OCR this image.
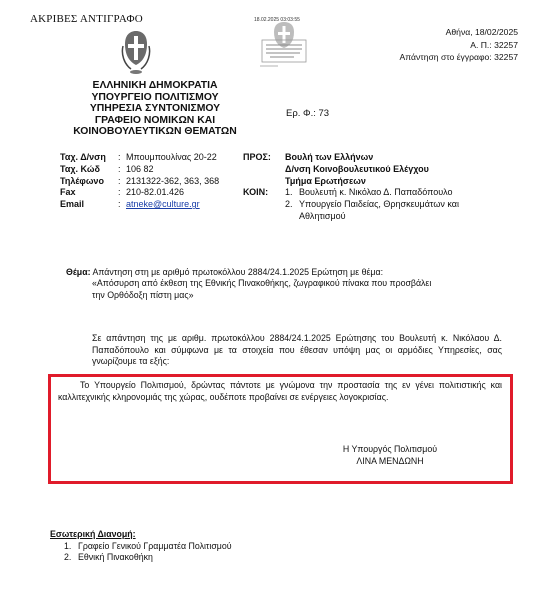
ΑΚΡΙΒΕΣ ΑΝΤΙΓΡΑΦΟ	18.02.2025 03:03:55
ΕΛΛΗΝΙΚΗ ΔΗΜΟΚΡΑΤΙΑ
ΥΠΟΥΡΓΕΙΟ ΠΟΛΙΤΙΣΜΟΥ
ΥΠΗΡΕΣΙΑ ΣΥΝΤΟΝΙΣΜΟΥ
ΓΡΑΦΕΙΟ ΝΟΜΙΚΩΝ ΚΑΙ
ΚΟΙΝΟΒΟΥΛΕΥΤΙΚΩΝ ΘΕΜΑΤΩΝ
Αθήνα, 18/02/2025
Α. Π.: 32257
Απάντηση στο έγγραφο: 32257
Ερ. Φ.: 73
Ταχ. Δ/νση	: Μπουμπουλίνας 20-22
Ταχ. Κώδ	: 106 82
Τηλέφωνο	: 2131322-362, 363, 368
Fax	: 210-82.01.426
Email	: atneke@culture.gr
ΠΡΟΣ:	Βουλή των Ελλήνων
Δ/νση Κοινοβουλευτικού Ελέγχου
Τμήμα Ερωτήσεων
ΚΟΙΝ:	1. Βουλευτή κ. Νικόλαο Δ. Παπαδόπουλο
2. Υπουργείο Παιδείας, Θρησκευμάτων και Αθλητισμού
Θέμα: Απάντηση στη με αριθμό πρωτοκόλλου 2884/24.1.2025 Ερώτηση με θέμα:
«Απόσυρση από έκθεση της Εθνικής Πινακοθήκης, ζωγραφικού πίνακα που προσβάλει
την Ορθόδοξη πίστη μας»
Σε απάντηση της με αριθμ. πρωτοκόλλου 2884/24.1.2025 Ερώτησης του Βουλευτή κ. Νικόλαου Δ. Παπαδόπουλο και σύμφωνα με τα στοιχεία που έθεσαν υπόψη μας οι αρμόδιες Υπηρεσίες, σας γνωρίζουμε τα εξής:
Το Υπουργείο Πολιτισμού, δρώντας πάντοτε με γνώμονα την προστασία της εν γένει πολιτιστικής και καλλιτεχνικής κληρονομιάς της χώρας, ουδέποτε προβαίνει σε ενέργειες λογοκρισίας.
Η Υπουργός Πολιτισμού
ΛΙΝΑ ΜΕΝΔΩΝΗ
Εσωτερική Διανομή:
1. Γραφείο Γενικού Γραμματέα Πολιτισμού
2. Εθνική Πινακοθήκη
